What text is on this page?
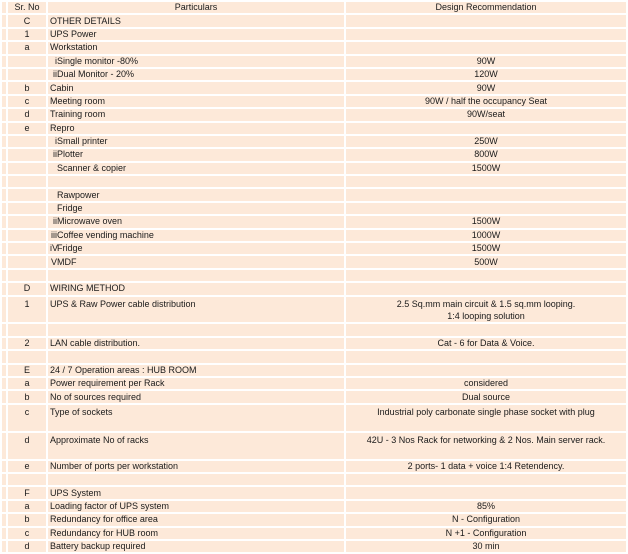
	Sr. No	Particulars	Design Recommendation
	C	OTHER DETAILS	

	1	UPS Power	

	a	Workstation	

		iSingle monitor -80%	90W

		iiDual Monitor - 20%	120W

	b	Cabin	90W

	c	Meeting room	90W / half the occupancy Seat

	d	Training room	90W/seat

	e	Repro	

		iSmall printer	250W

		iiPlotter	800W

		Scanner & copier	1500W

		Rawpower	

		Fridge	

		iiMicrowave oven	1500W

		iiiCoffee vending machine	1000W

		iVFridge	1500W

		VMDF	500W

	D	WIRING METHOD	

	1	UPS & Raw Power cable distribution	2.5 Sq.mm main circuit & 1.5 sq.mm looping.
1:4 looping solution

	2	LAN cable distribution.	Cat - 6 for Data & Voice.

	E	24 / 7 Operation areas : HUB ROOM	

	a	Power requirement per Rack	considered

	b	No of sources required	Dual source

	c	Type of sockets	Industrial poly carbonate single phase socket with plug

	d	Approximate No of racks	42U - 3 Nos Rack for networking & 2 Nos. Main server rack.

	e	Number of ports per workstation	2 ports- 1 data + voice 1:4 Retendency.

	F	UPS System	

	a	Loading factor of UPS system	85%

	b	Redundancy for office area	N - Configuration

	c	Redundancy for HUB room	N +1 - Configuration

	d	Battery backup required	30 min
